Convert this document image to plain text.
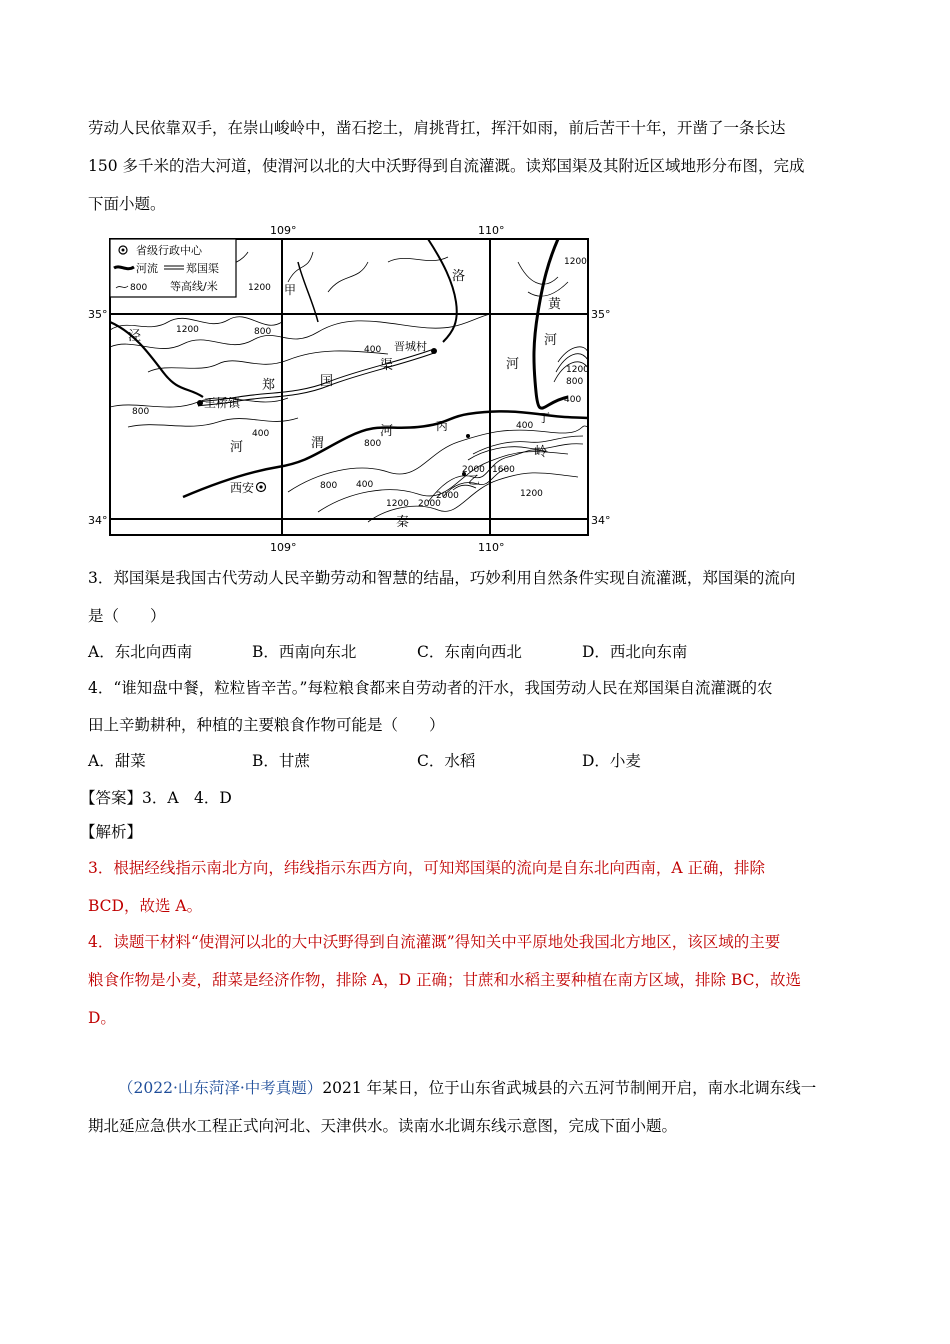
劳动人民依靠双手，在崇山峻岭中，凿石挖土，肩挑背扛，挥汗如雨，前后苦干十年，开凿了一条长达
150 多千米的浩大河道，使渭河以北的大中沃野得到自流灌溉。读郑国渠及其附近区域地形分布图，完成
下面小题。
省级行政中心
河流	郑国渠
800 等高线/米
109°	110°
109°	110°
35°	35°
34°	34°
王桥镇
晋城村
西安
丙
丁
乙
甲
泾
河	渭
河
洛
河
黄
河
郑	国
渠
秦
岭
1200
800
1200
800
400
400
800
400
2000 1600
2000
1200 2000
1200
400
1200
800
400
800
1200
3．郑国渠是我国古代劳动人民辛勤劳动和智慧的结晶，巧妙利用自然条件实现自流灌溉，郑国渠的流向
是（　　）
A．东北向西南	B．西南向东北	C．东南向西北	D．西北向东南
4．“谁知盘中餐，粒粒皆辛苦。”每粒粮食都来自劳动者的汗水，我国劳动人民在郑国渠自流灌溉的农
田上辛勤耕种，种植的主要粮食作物可能是（　　）
A．甜菜	B．甘蔗	C．水稻	D．小麦
【答案】3．A　4．D
【解析】
3．根据经线指示南北方向，纬线指示东西方向，可知郑国渠的流向是自东北向西南，A 正确，排除
BCD，故选 A。
4．读题干材料“使渭河以北的大中沃野得到自流灌溉”得知关中平原地处我国北方地区，该区域的主要
粮食作物是小麦，甜菜是经济作物，排除 A，D 正确；甘蔗和水稻主要种植在南方区域，排除 BC，故选
D。
（2022·山东菏泽·中考真题）2021 年某日，位于山东省武城县的六五河节制闸开启，南水北调东线一
期北延应急供水工程正式向河北、天津供水。读南水北调东线示意图，完成下面小题。
